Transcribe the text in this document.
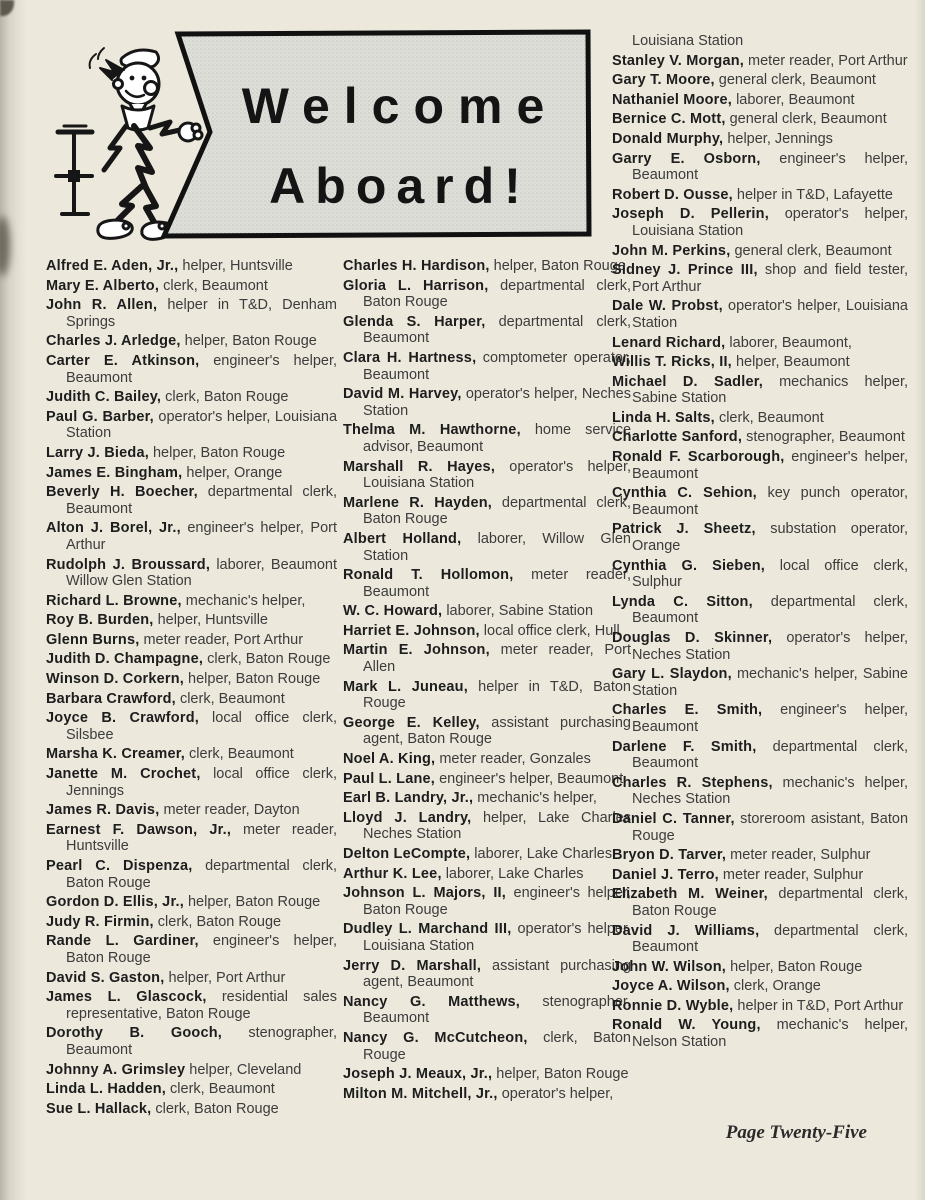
Welcome
Aboard!

Alfred E. Aden, Jr., helper, Huntsville

Mary E. Alberto, clerk, Beaumont

John R. Allen, helper in T&D, Denham Springs

Charles J. Arledge, helper, Baton Rouge

Carter E. Atkinson, engineer's helper, Beaumont

Judith C. Bailey, clerk, Baton Rouge

Paul G. Barber, operator's helper, Louisiana Station

Larry J. Bieda, helper, Baton Rouge

James E. Bingham, helper, Orange

Beverly H. Boecher, departmental clerk, Beaumont

Alton J. Borel, Jr., engineer's helper, Port Arthur

Rudolph J. Broussard, laborer, Beaumont Willow Glen Station

Richard L. Browne, mechanic's helper,

Roy B. Burden, helper, Huntsville

Glenn Burns, meter reader, Port Arthur

Judith D. Champagne, clerk, Baton Rouge

Winson D. Corkern, helper, Baton Rouge

Barbara Crawford, clerk, Beaumont

Joyce B. Crawford, local office clerk, Silsbee

Marsha K. Creamer, clerk, Beaumont

Janette M. Crochet, local office clerk, Jennings

James R. Davis, meter reader, Dayton

Earnest F. Dawson, Jr., meter reader, Huntsville

Pearl C. Dispenza, departmental clerk, Baton Rouge

Gordon D. Ellis, Jr., helper, Baton Rouge

Judy R. Firmin, clerk, Baton Rouge

Rande L. Gardiner, engineer's helper, Baton Rouge

David S. Gaston, helper, Port Arthur

James L. Glascock, residential sales representative, Baton Rouge

Dorothy B. Gooch, stenographer, Beaumont

Johnny A. Grimsley helper, Cleveland

Linda L. Hadden, clerk, Beaumont

Sue L. Hallack, clerk, Baton Rouge

Charles H. Hardison, helper, Baton Rouge

Gloria L. Harrison, departmental clerk, Baton Rouge

Glenda S. Harper, departmental clerk, Beaumont

Clara H. Hartness, comptometer operator, Beaumont

David M. Harvey, operator's helper, Neches Station

Thelma M. Hawthorne, home service advisor, Beaumont

Marshall R. Hayes, operator's helper, Louisiana Station

Marlene R. Hayden, departmental clerk, Baton Rouge

Albert Holland, laborer, Willow Glen Station

Ronald T. Hollomon, meter reader, Beaumont

W. C. Howard, laborer, Sabine Station

Harriet E. Johnson, local office clerk, Hull

Martin E. Johnson, meter reader, Port Allen

Mark L. Juneau, helper in T&D, Baton Rouge

George E. Kelley, assistant purchasing agent, Baton Rouge

Noel A. King, meter reader, Gonzales

Paul L. Lane, engineer's helper, Beaumont

Earl B. Landry, Jr., mechanic's helper,

Lloyd J. Landry, helper, Lake Charles Neches Station

Delton LeCompte, laborer, Lake Charles

Arthur K. Lee, laborer, Lake Charles

Johnson L. Majors, II, engineer's helper, Baton Rouge

Dudley L. Marchand III, operator's helper, Louisiana Station

Jerry D. Marshall, assistant purchasing agent, Beaumont

Nancy G. Matthews, stenographer, Beaumont

Nancy G. McCutcheon, clerk, Baton Rouge

Joseph J. Meaux, Jr., helper, Baton Rouge

Milton M. Mitchell, Jr., operator's helper,

Louisiana Station

Stanley V. Morgan, meter reader, Port Arthur

Gary T. Moore, general clerk, Beaumont

Nathaniel Moore, laborer, Beaumont

Bernice C. Mott, general clerk, Beaumont

Donald Murphy, helper, Jennings

Garry E. Osborn, engineer's helper, Beaumont

Robert D. Ousse, helper in T&D, Lafayette

Joseph D. Pellerin, operator's helper, Louisiana Station

John M. Perkins, general clerk, Beaumont

Sidney J. Prince III, shop and field tester, Port Arthur

Dale W. Probst, operator's helper, Louisiana Station

Lenard Richard, laborer, Beaumont,

Willis T. Ricks, II, helper, Beaumont

Michael D. Sadler, mechanics helper, Sabine Station

Linda H. Salts, clerk, Beaumont

Charlotte Sanford, stenographer, Beaumont

Ronald F. Scarborough, engineer's helper, Beaumont

Cynthia C. Sehion, key punch operator, Beaumont

Patrick J. Sheetz, substation operator, Orange

Cynthia G. Sieben, local office clerk, Sulphur

Lynda C. Sitton, departmental clerk, Beaumont

Douglas D. Skinner, operator's helper, Neches Station

Gary L. Slaydon, mechanic's helper, Sabine Station

Charles E. Smith, engineer's helper, Beaumont

Darlene F. Smith, departmental clerk, Beaumont

Charles R. Stephens, mechanic's helper, Neches Station

Daniel C. Tanner, storeroom asistant, Baton Rouge

Bryon D. Tarver, meter reader, Sulphur

Daniel J. Terro, meter reader, Sulphur

Elizabeth M. Weiner, departmental clerk, Baton Rouge

David J. Williams, departmental clerk, Beaumont

John W. Wilson, helper, Baton Rouge

Joyce A. Wilson, clerk, Orange

Ronnie D. Wyble, helper in T&D, Port Arthur

Ronald W. Young, mechanic's helper, Nelson Station

Page Twenty-Five
